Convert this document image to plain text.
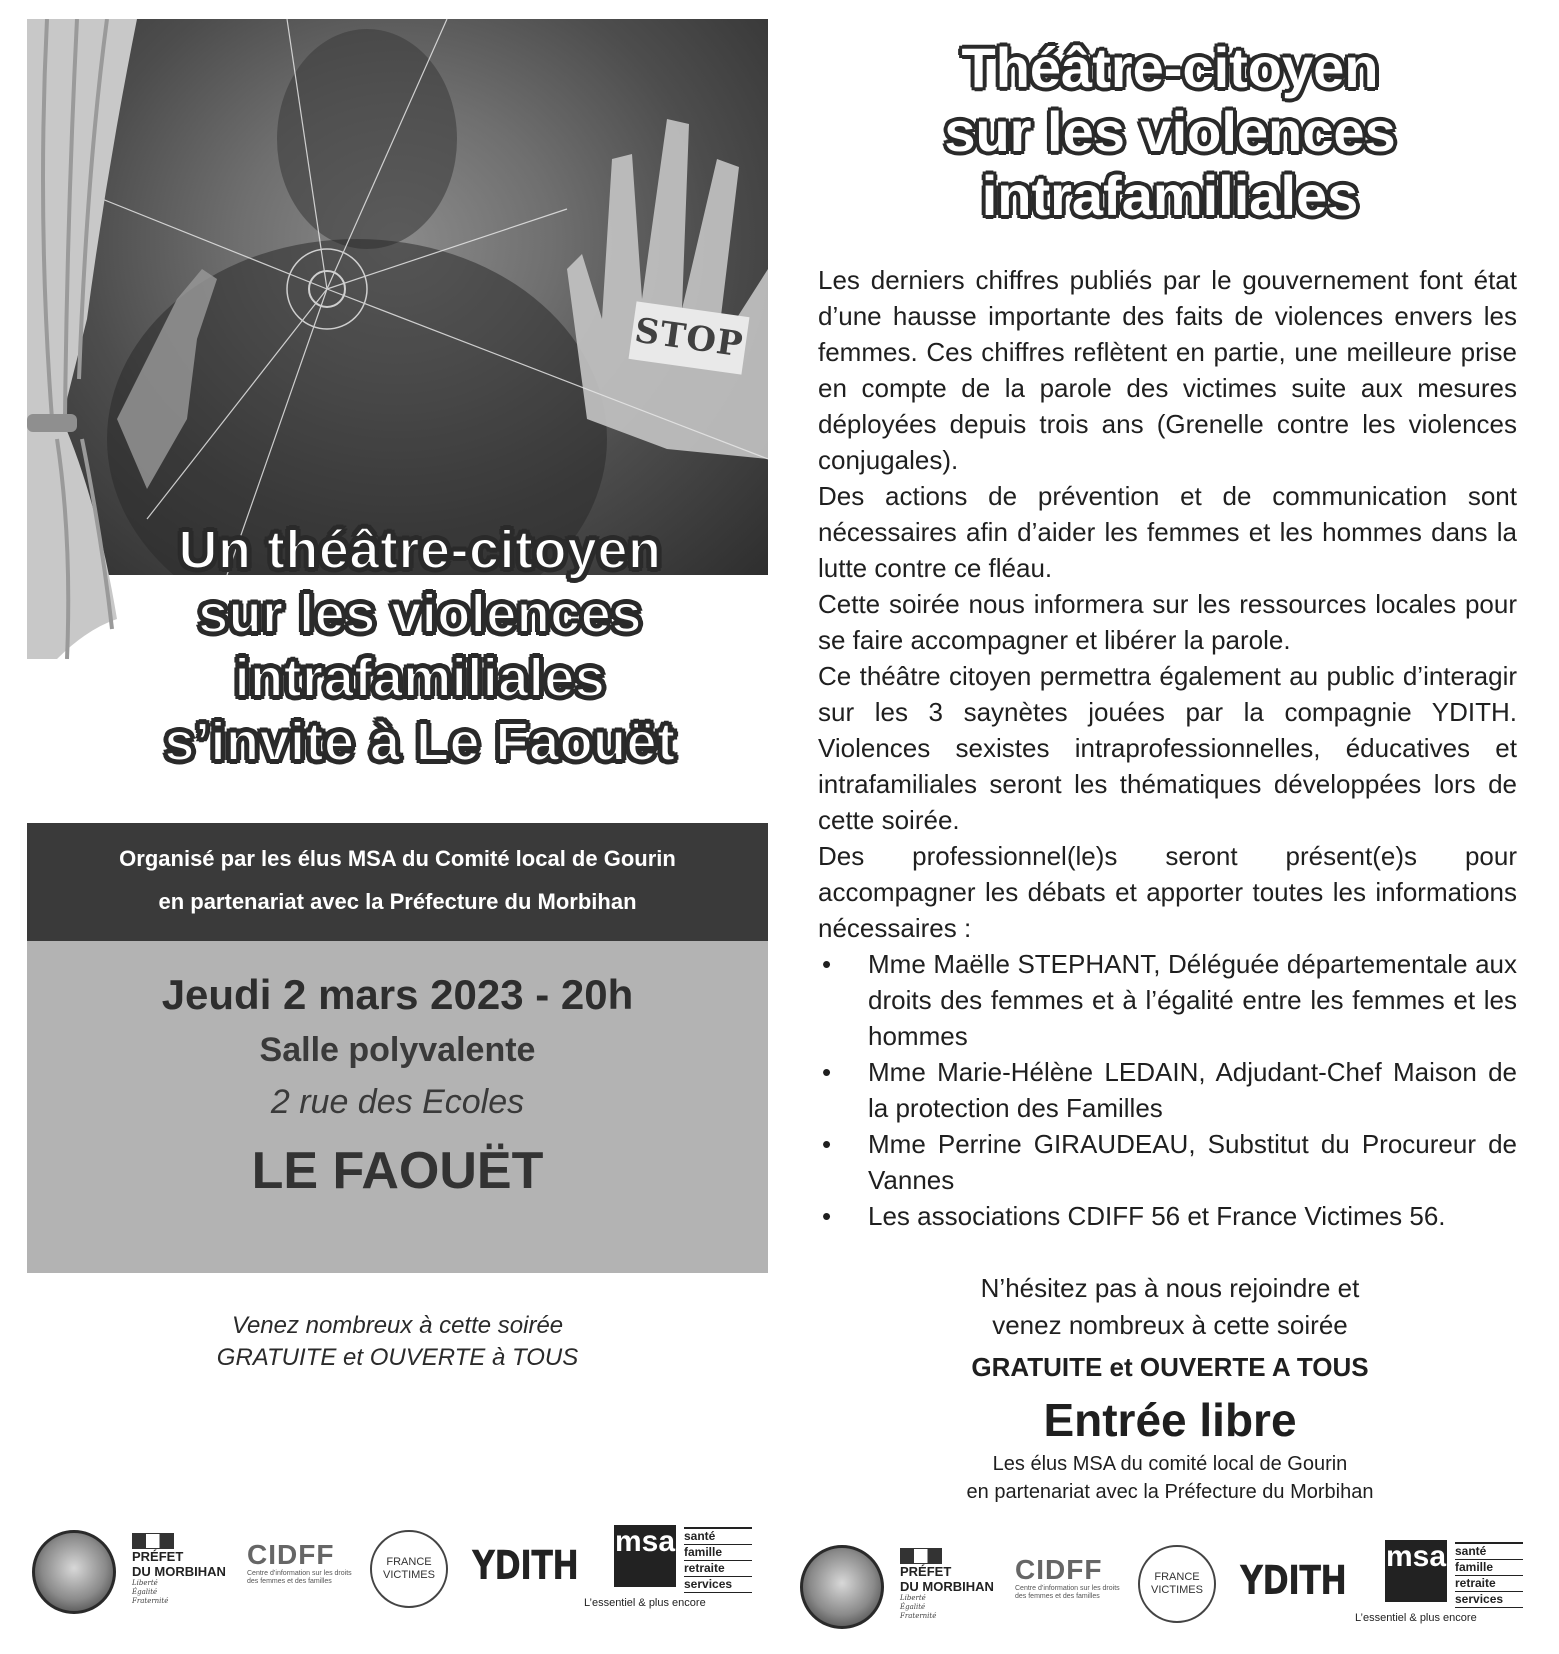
STOP
Un théâtre-citoyen
sur les violences
intrafamiliales
s’invite à Le Faouët
Organisé par les élus MSA du Comité local de Gourin
en partenariat avec la Préfecture du Morbihan
Jeudi 2 mars 2023 - 20h
Salle polyvalente
2 rue des Ecoles
LE FAOUËT
Venez nombreux à cette soirée
GRATUITE et OUVERTE à TOUS
Théâtre-citoyen
sur les violences
intrafamiliales

Les derniers chiffres publiés par le gouvernement font état d’une hausse importante des faits de violences envers les femmes. Ces chiffres reflètent en partie, une meilleure prise en compte de la parole des victimes suite aux mesures déployées depuis trois ans (Grenelle contre les violences conjugales).

Des actions de prévention et de communication sont nécessaires afin d’aider les femmes et les hommes dans la lutte contre ce fléau.

Cette soirée nous informera sur les ressources locales pour se faire accompagner et libérer la parole.

Ce théâtre citoyen permettra également au public d’interagir sur les 3 saynètes jouées par la compagnie YDITH. Violences sexistes intraprofessionnelles, éducatives et intrafamiliales seront les thématiques développées lors de cette soirée.

Des professionnel(le)s seront présent(e)s pour accompagner les débats et apporter toutes les informations nécessaires :

• Mme Maëlle STEPHANT, Déléguée départementale aux droits des femmes et à l’égalité entre les femmes et les hommes
• Mme Marie-Hélène LEDAIN, Adjudant-Chef Maison de la protection des Familles
• Mme Perrine GIRAUDEAU, Substitut du Procureur de Vannes
• Les associations CDIFF 56 et France Victimes 56.
N’hésitez pas à nous rejoindre et
venez nombreux à cette soirée
GRATUITE et OUVERTE A TOUS
Entrée libre
Les élus MSA du comité local de Gourin
en partenariat avec la Préfecture du Morbihan
PRÉFET
DU MORBIHAN
Liberté
Égalité
Fraternité
CIDFF
Centre d’information sur les droits des femmes et des familles
FRANCE
VICTIMES YDITH
msa
L’essentiel & plus encore
santé
famille
retraite
services
PRÉFET
DU MORBIHAN
Liberté
Égalité
Fraternité
CIDFF
Centre d’information sur les droits des femmes et des familles
FRANCE
VICTIMES YDITH
msa
L’essentiel & plus encore
santé
famille
retraite
services
